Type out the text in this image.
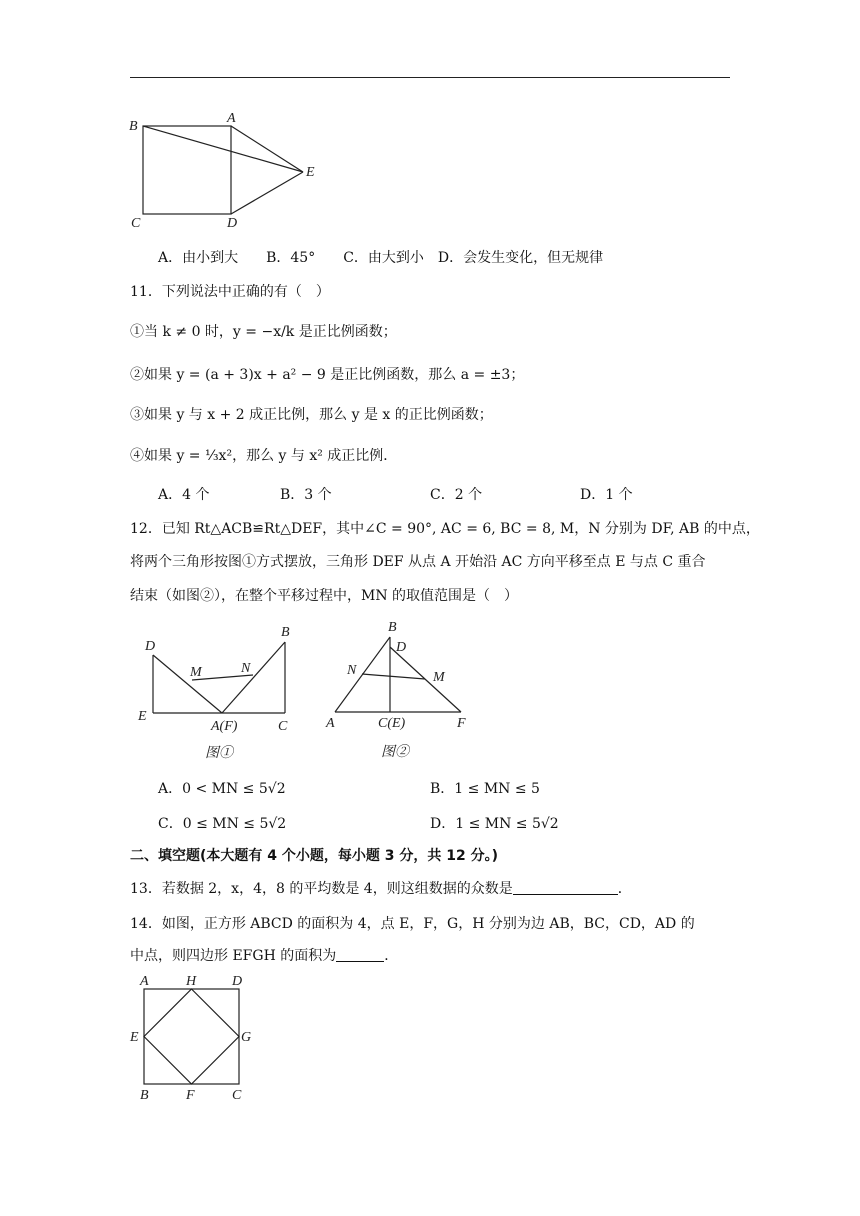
B
A
E
C	D
A．由小到大　　B．45°　　C．由大到小　D．会发生变化，但无规律
11．下列说法中正确的有（　）
①当 k ≠ 0 时，y = −x/k 是正比例函数；
②如果 y = (a + 3)x + a² − 9 是正比例函数，那么 a = ±3；
③如果 y 与 x + 2 成正比例，那么 y 是 x 的正比例函数；
④如果 y = ⅓x²，那么 y 与 x² 成正比例．
A．4 个	B．3 个	C．2 个	D．1 个
12．已知 Rt△ACB≌Rt△DEF，其中∠C = 90°, AC = 6, BC = 8, M，N 分别为 DF, AB 的中点，
将两个三角形按图①方式摆放，三角形 DEF 从点 A 开始沿 AC 方向平移至点 E 与点 C 重合
结束（如图②），在整个平移过程中，MN 的取值范围是（　）
D
M	N
B
E
A(F)	C
图①
B
D
N	M
A	C(E)	F
图②
A．0 < MN ≤ 5√2	B．1 ≤ MN ≤ 5
C．0 ≤ MN ≤ 5√2	D．1 ≤ MN ≤ 5√2
二、填空题(本大题有 4 个小题，每小题 3 分，共 12 分。)
13．若数据 2，x，4，8 的平均数是 4，则这组数据的众数是	．
14．如图，正方形 ABCD 的面积为 4，点 E，F，G，H 分别为边 AB，BC，CD，AD 的
中点，则四边形 EFGH 的面积为	．
A	H	D
E	G
B	F	C
